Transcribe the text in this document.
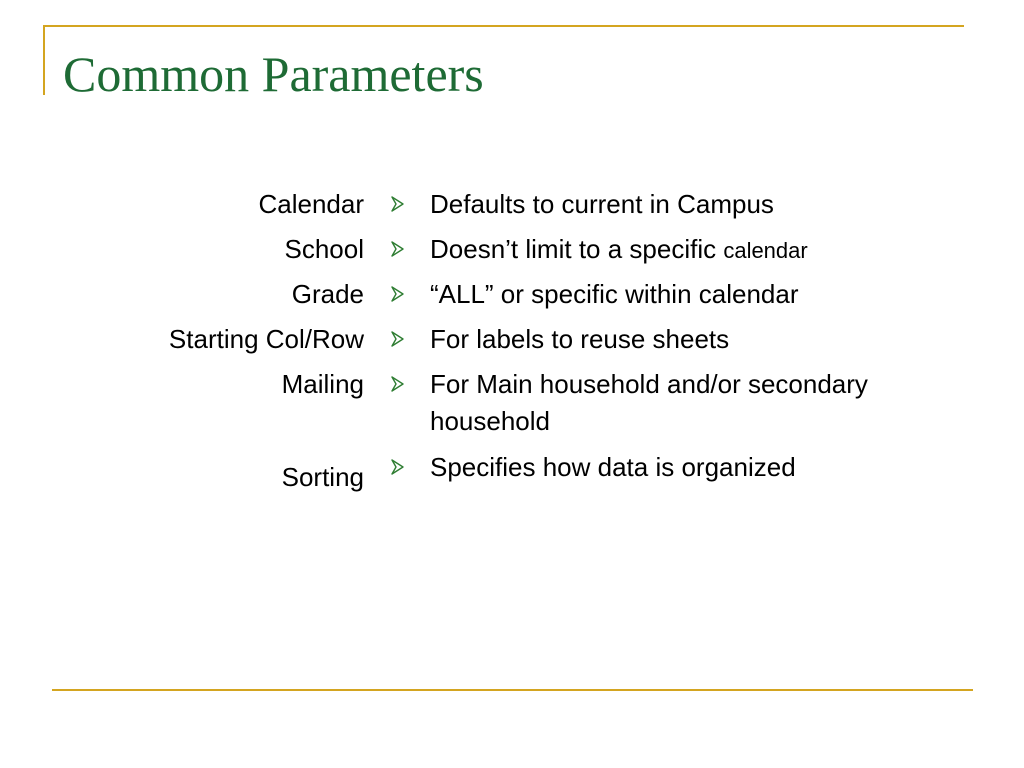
Common Parameters
Calendar	Defaults to current in Campus
School	Doesn’t limit to a specific calendar
Grade	“ALL” or specific within calendar
Starting Col/Row	For labels to reuse sheets
Mailing	For Main household and/or secondary household
Sorting	Specifies how data is organized
